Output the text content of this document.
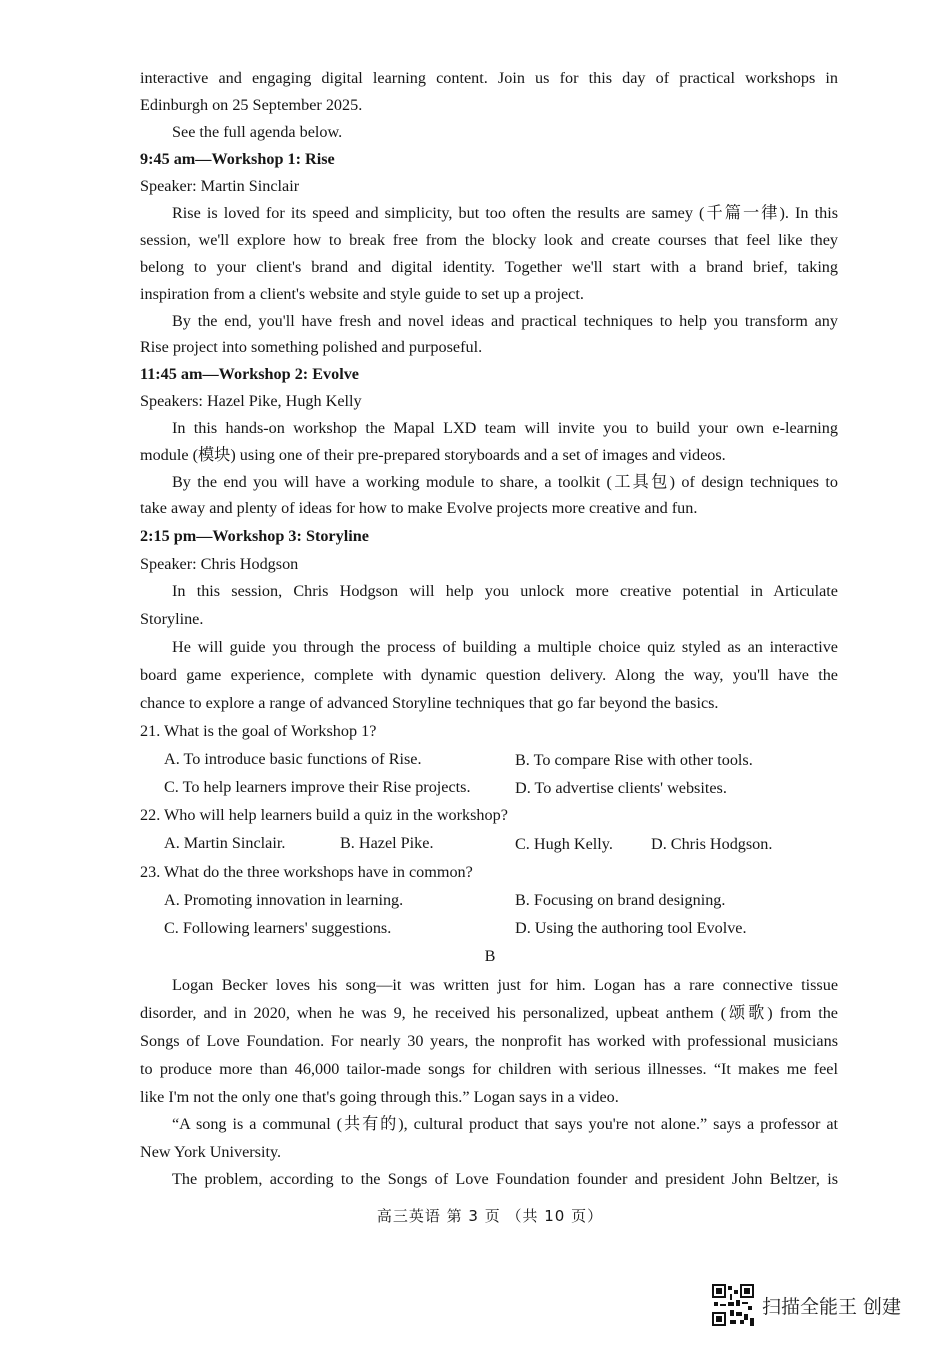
interactive and engaging digital learning content. Join us for this day of practical workshops in
Edinburgh on 25 September 2025.
See the full agenda below.
9:45 am—Workshop 1: Rise
Speaker: Martin Sinclair
Rise is loved for its speed and simplicity, but too often the results are samey (千篇一律). In this
session, we'll explore how to break free from the blocky look and create courses that feel like they
belong to your client's brand and digital identity. Together we'll start with a brand brief, taking
inspiration from a client's website and style guide to set up a project.
By the end, you'll have fresh and novel ideas and practical techniques to help you transform any
Rise project into something polished and purposeful.
11:45 am—Workshop 2: Evolve
Speakers: Hazel Pike, Hugh Kelly
In this hands-on workshop the Mapal LXD team will invite you to build your own e-learning
module (模块) using one of their pre-prepared storyboards and a set of images and videos.
By the end you will have a working module to share, a toolkit (工具包) of design techniques to
take away and plenty of ideas for how to make Evolve projects more creative and fun.
2:15 pm—Workshop 3: Storyline
Speaker: Chris Hodgson
In this session, Chris Hodgson will help you unlock more creative potential in Articulate
Storyline.
He will guide you through the process of building a multiple choice quiz styled as an interactive
board game experience, complete with dynamic question delivery. Along the way, you'll have the
chance to explore a range of advanced Storyline techniques that go far beyond the basics.
21. What is the goal of Workshop 1?
A. To introduce basic functions of Rise.	B. To compare Rise with other tools.
C. To help learners improve their Rise projects.	D. To advertise clients' websites.
22. Who will help learners build a quiz in the workshop?
A. Martin Sinclair.	B. Hazel Pike.	C. Hugh Kelly. D. Chris Hodgson.
23. What do the three workshops have in common?
A. Promoting innovation in learning.	B. Focusing on brand designing.
C. Following learners' suggestions.	D. Using the authoring tool Evolve.
B
Logan Becker loves his song—it was written just for him. Logan has a rare connective tissue
disorder, and in 2020, when he was 9, he received his personalized, upbeat anthem (颂歌) from the
Songs of Love Foundation. For nearly 30 years, the nonprofit has worked with professional musicians
to produce more than 46,000 tailor-made songs for children with serious illnesses. “It makes me feel
like I'm not the only one that's going through this.” Logan says in a video.
“A song is a communal (共有的), cultural product that says you're not alone.” says a professor at
New York University.
The problem, according to the Songs of Love Foundation founder and president John Beltzer, is
高三英语 第 3 页 （共 10 页）
扫描全能王 创建
